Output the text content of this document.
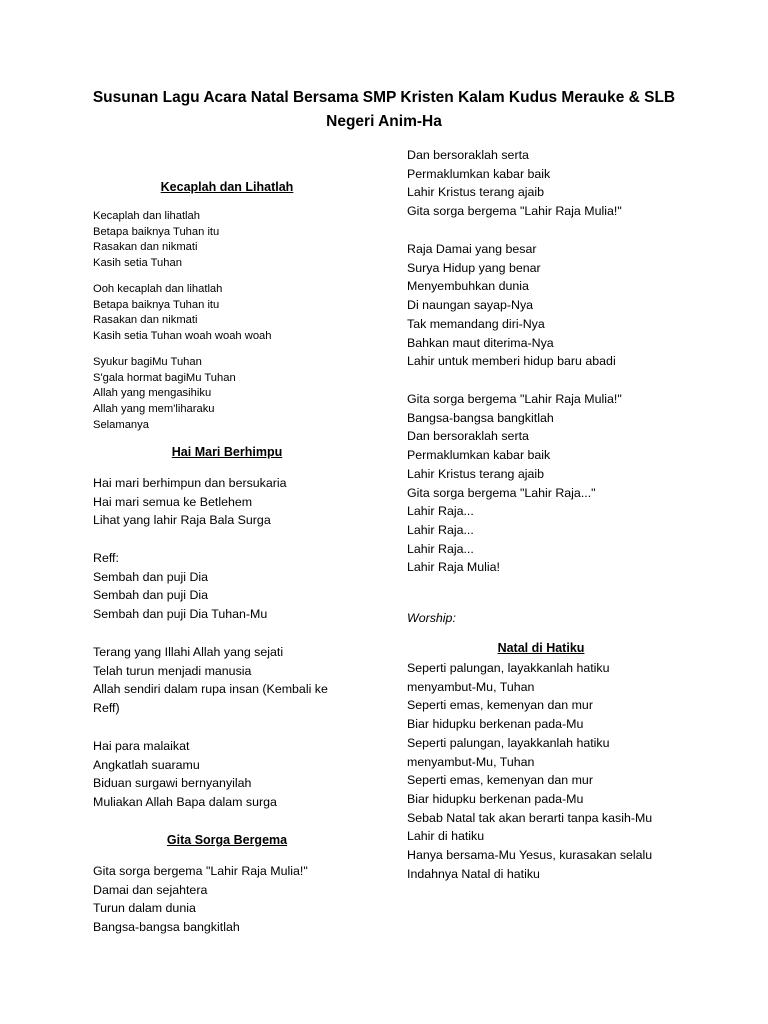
Susunan Lagu Acara Natal Bersama SMP Kristen Kalam Kudus Merauke & SLB
Negeri Anim-Ha
Kecaplah dan Lihatlah
Kecaplah dan lihatlah
Betapa baiknya Tuhan itu
Rasakan dan nikmati
Kasih setia Tuhan
Ooh kecaplah dan lihatlah
Betapa baiknya Tuhan itu
Rasakan dan nikmati
Kasih setia Tuhan woah woah woah
Syukur bagiMu Tuhan
S'gala hormat bagiMu Tuhan
Allah yang mengasihiku
Allah yang mem'liharaku
Selamanya
Hai Mari Berhimpu
Hai mari berhimpun dan bersukaria
Hai mari semua ke Betlehem
Lihat yang lahir Raja Bala Surga
Reff:
Sembah dan puji Dia
Sembah dan puji Dia
Sembah dan puji Dia Tuhan-Mu
Terang yang Illahi Allah yang sejati
Telah turun menjadi manusia
Allah sendiri dalam rupa insan (Kembali ke
Reff)
Hai para malaikat
Angkatlah suaramu
Biduan surgawi bernyanyilah
Muliakan Allah Bapa dalam surga
Gita Sorga Bergema
Gita sorga bergema "Lahir Raja Mulia!"
Damai dan sejahtera
Turun dalam dunia
Bangsa-bangsa bangkitlah
Dan bersoraklah serta
Permaklumkan kabar baik
Lahir Kristus terang ajaib
Gita sorga bergema "Lahir Raja Mulia!"
Raja Damai yang besar
Surya Hidup yang benar
Menyembuhkan dunia
Di naungan sayap-Nya
Tak memandang diri-Nya
Bahkan maut diterima-Nya
Lahir untuk memberi hidup baru abadi
Gita sorga bergema "Lahir Raja Mulia!"
Bangsa-bangsa bangkitlah
Dan bersoraklah serta
Permaklumkan kabar baik
Lahir Kristus terang ajaib
Gita sorga bergema "Lahir Raja..."
Lahir Raja...
Lahir Raja...
Lahir Raja...
Lahir Raja Mulia!
Worship:
Natal di Hatiku
Seperti palungan, layakkanlah hatiku
menyambut-Mu, Tuhan
Seperti emas, kemenyan dan mur
Biar hidupku berkenan pada-Mu
Seperti palungan, layakkanlah hatiku
menyambut-Mu, Tuhan
Seperti emas, kemenyan dan mur
Biar hidupku berkenan pada-Mu
Sebab Natal tak akan berarti tanpa kasih-Mu
Lahir di hatiku
Hanya bersama-Mu Yesus, kurasakan selalu
Indahnya Natal di hatiku
